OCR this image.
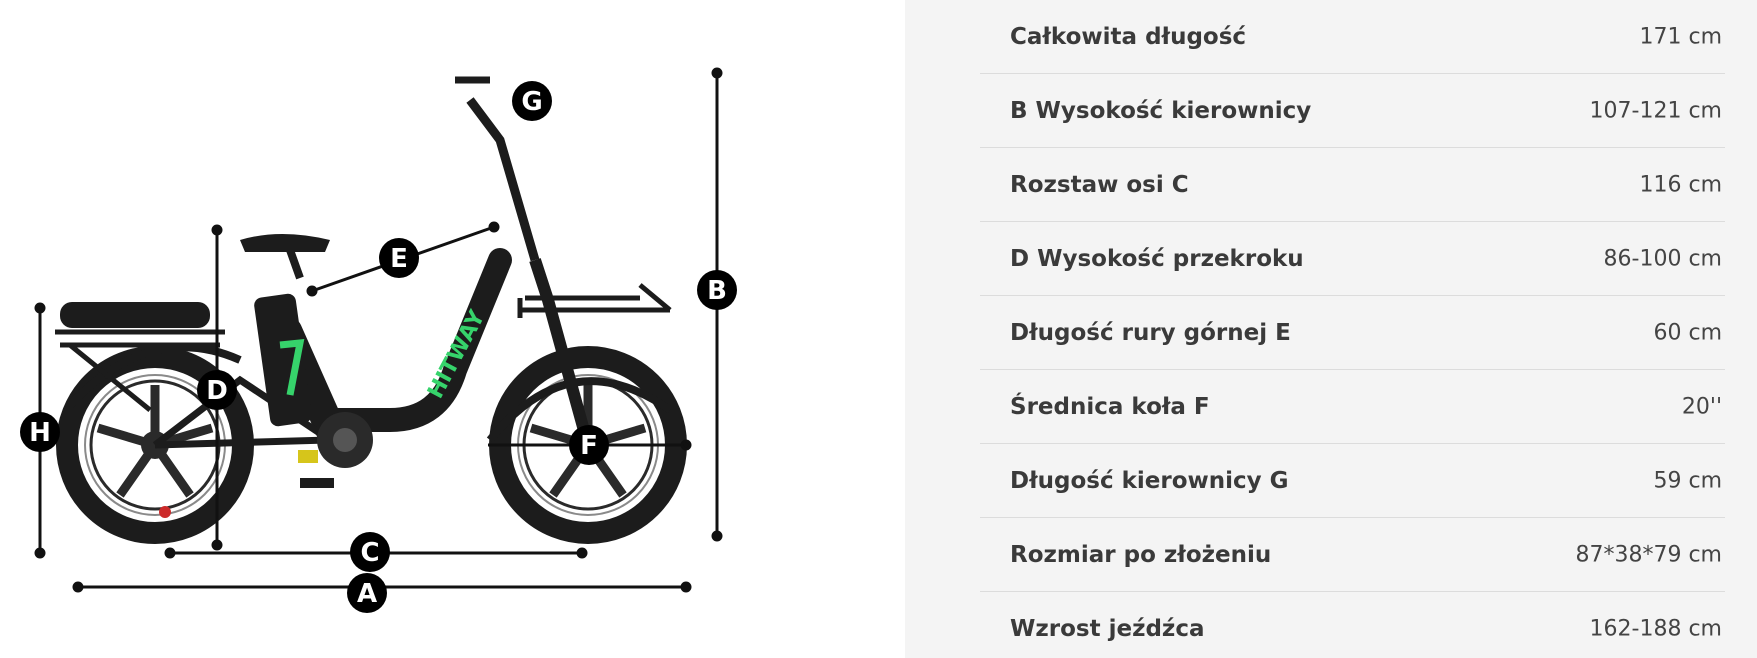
HITWAY
A
B
C
D
E
F
G
H
Całkowita długość	171 cm
B Wysokość kierownicy	107-121 cm
Rozstaw osi C	116 cm
D Wysokość przekroku	86-100 cm
Długość rury górnej E	60 cm
Średnica koła F	20''
Długość kierownicy G	59 cm
Rozmiar po złożeniu	87*38*79 cm
Wzrost jeźdźca	162-188 cm
